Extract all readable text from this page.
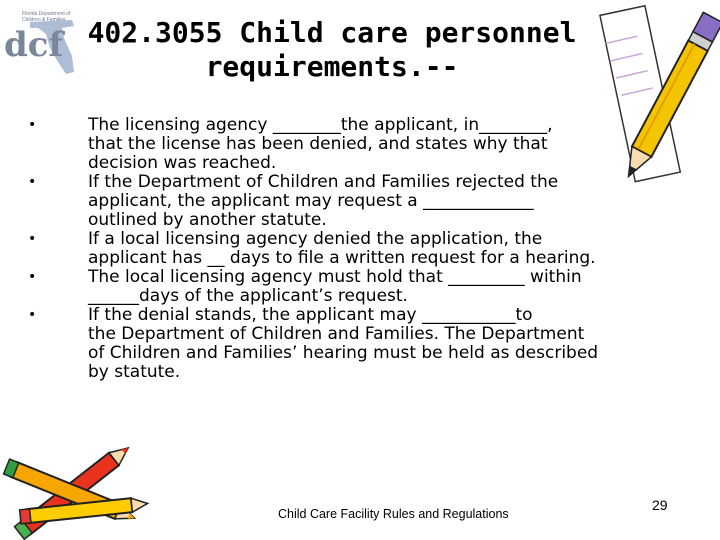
dcf
Florida Department of
Children & Families 402.3055 Child care personnel
requirements.--
•	The licensing agency ________the applicant, in________,
that the license has been denied, and states why that
decision was reached.
•	If the Department of Children and Families rejected the
applicant, the applicant may request a _____________
outlined by another statute.
•	If a local licensing agency denied the application, the
applicant has __ days to file a written request for a hearing.
•	The local licensing agency must hold that _________ within
______days of the applicant’s request.
•	If the denial stands, the applicant may ___________to
the Department of Children and Families. The Department
of Children and Families’ hearing must be held as described
by statute.
Child Care Facility Rules and Regulations
29
